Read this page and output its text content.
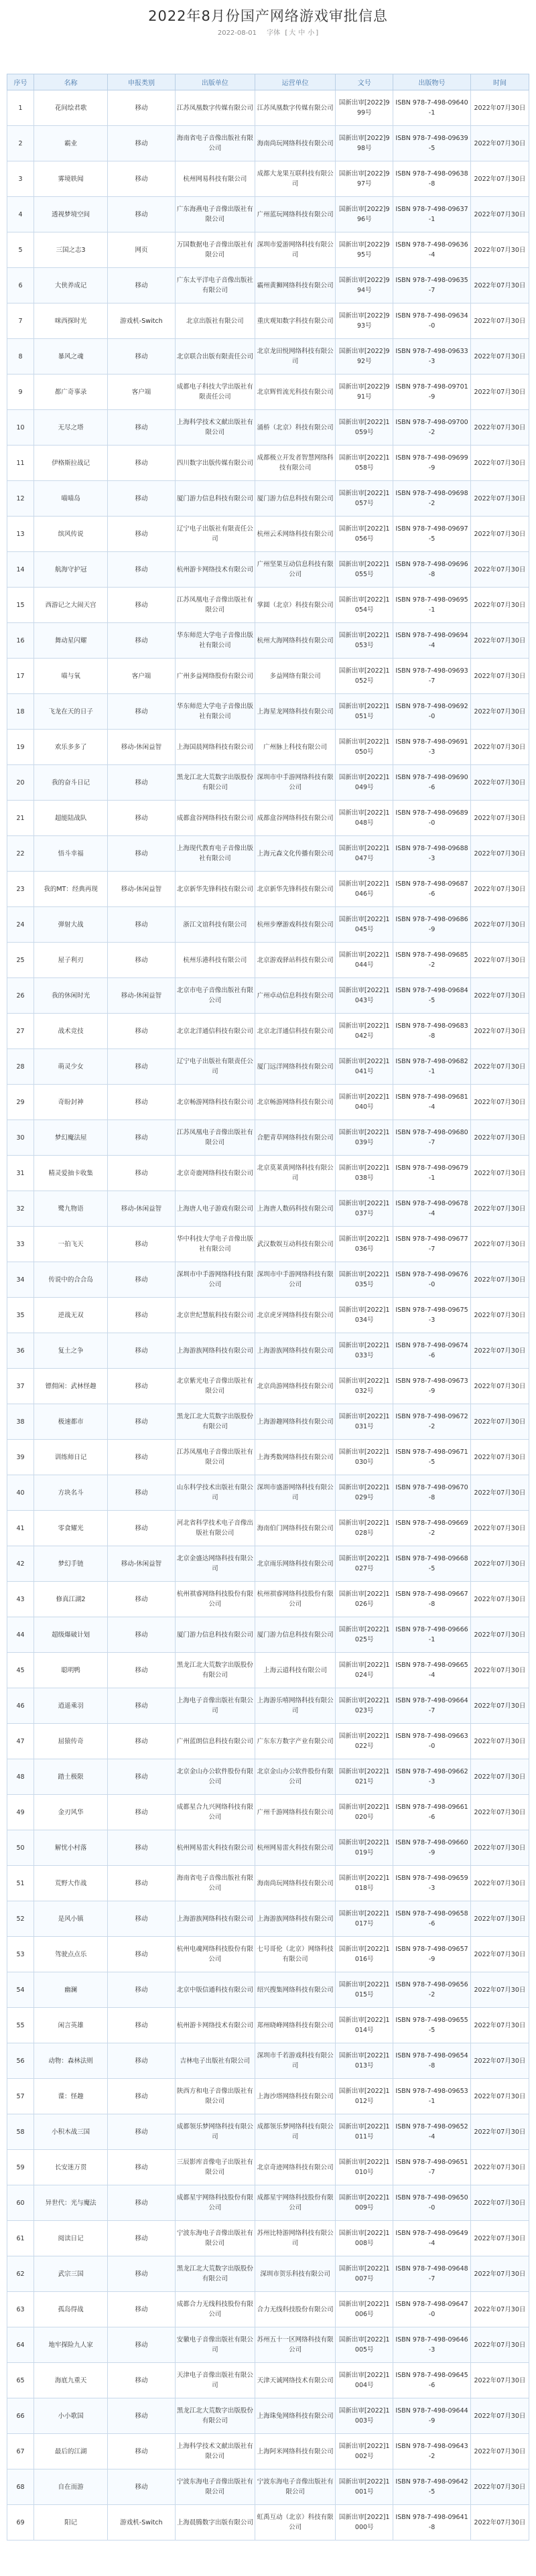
2022年8月份国产网络游戏审批信息
2022-08-01 字体 [ 大 中 小 ]
序号	名称	申报类别	出版单位	运营单位	文号	出版物号	时间
1	花间绘君歌	移动	江苏凤凰数字传媒有限公司	江苏凤凰数字传媒有限公司	国新出审[2022]999号	ISBN 978-7-498-09640-1	2022年07月30日
2	霸业	移动	海南省电子音像出版社有限公司	海南尚玩网络科技有限公司	国新出审[2022]998号	ISBN 978-7-498-09639-5	2022年07月30日
3	雾境轶闻	移动	杭州网易科技有限公司	成都大龙果互联科技有限公司	国新出审[2022]997号	ISBN 978-7-498-09638-8	2022年07月30日
4	透视梦境空间	移动	广东海燕电子音像出版社有限公司	广州蓝玩网络科技有限公司	国新出审[2022]996号	ISBN 978-7-498-09637-1	2022年07月30日
5	三国之志3	网页	万国数据电子音像出版社有限公司	深圳市爱游网络科技有限公司	国新出审[2022]995号	ISBN 978-7-498-09636-4	2022年07月30日
6	大侠养成记	移动	广东太平洋电子音像出版社有限公司	霸州黄狮网络科技有限公司	国新出审[2022]994号	ISBN 978-7-498-09635-7	2022年07月30日
7	咪西探时光	游戏机-Switch	北京出版社有限公司	重庆观知数字科技有限公司	国新出审[2022]993号	ISBN 978-7-498-09634-0	2022年07月30日
8	暴风之魂	移动	北京联合出版有限责任公司	北京龙田悦网络科技有限公司	国新出审[2022]992号	ISBN 978-7-498-09633-3	2022年07月30日
9	都广奇事录	客户端	成都电子科技大学出版社有限责任公司	北京辉哲流光科技有限公司	国新出审[2022]991号	ISBN 978-7-498-09701-9	2022年07月30日
10	无尽之塔	移动	上海科学技术文献出版社有限公司	涌桥（北京）科技有限公司	国新出审[2022]1059号	ISBN 978-7-498-09700-2	2022年07月30日
11	伊格斯拉战记	移动	四川数字出版传媒有限公司	成都极立开发者智慧网络科技有限公司	国新出审[2022]1058号	ISBN 978-7-498-09699-9	2022年07月30日
12	喵喵岛	移动	厦门游力信息科技有限公司	厦门游力信息科技有限公司	国新出审[2022]1057号	ISBN 978-7-498-09698-2	2022年07月30日
13	缤风传说	移动	辽宁电子出版社有限责任公司	杭州云禾网络科技有限公司	国新出审[2022]1056号	ISBN 978-7-498-09697-5	2022年07月30日
14	航海守护冠	移动	杭州游卡网络技术有限公司	广州坚果互动信息科技有限公司	国新出审[2022]1055号	ISBN 978-7-498-09696-8	2022年07月30日
15	西游记之大闹天宫	移动	江苏凤凰电子音像出版社有限公司	掌圆（北京）科技有限公司	国新出审[2022]1054号	ISBN 978-7-498-09695-1	2022年07月30日
16	舞动星闪耀	移动	华东师范大学电子音像出版社有限公司	杭州大海网络科技有限公司	国新出审[2022]1053号	ISBN 978-7-498-09694-4	2022年07月30日
17	喵与氧	客户端	广州多益网络股份有限公司	多益网络有限公司	国新出审[2022]1052号	ISBN 978-7-498-09693-7	2022年07月30日
18	飞龙在天的日子	移动	华东师范大学电子音像出版社有限公司	上海星龙网络科技有限公司	国新出审[2022]1051号	ISBN 978-7-498-09692-0	2022年07月30日
19	欢乐多多了	移动-休闲益智	上海国晨网络科技有限公司	广州脉上科技有限公司	国新出审[2022]1050号	ISBN 978-7-498-09691-3	2022年07月30日
20	我的奋斗日记	移动	黑龙江北大荒数字出版股份有限公司	深圳市中手游网络科技有限公司	国新出审[2022]1049号	ISBN 978-7-498-09690-6	2022年07月30日
21	超能陆战队	移动	成都盒谷网络科技有限公司	成都盒谷网络科技有限公司	国新出审[2022]1048号	ISBN 978-7-498-09689-0	2022年07月30日
22	悟斗幸福	移动	上海现代教育电子音像出版社有限公司	上海元森文化传播有限公司	国新出审[2022]1047号	ISBN 978-7-498-09688-3	2022年07月30日
23	我的MT：经典再现	移动-休闲益智	北京新华先锋科技有限公司	北京新华先锋科技有限公司	国新出审[2022]1046号	ISBN 978-7-498-09687-6	2022年07月30日
24	弹射大战	移动	浙江文谊科技有限公司	杭州步摩游戏科技有限公司	国新出审[2022]1045号	ISBN 978-7-498-09686-9	2022年07月30日
25	屋子利刃	移动	杭州乐港科技有限公司	北京游戏驿站科技有限公司	国新出审[2022]1044号	ISBN 978-7-498-09685-2	2022年07月30日
26	我的休闲时光	移动-休闲益智	北京市电子音像出版社有限公司	广州卓动信息科技有限公司	国新出审[2022]1043号	ISBN 978-7-498-09684-5	2022年07月30日
27	战术竞技	移动	北京北洋通信科技有限公司	北京北洋通信科技有限公司	国新出审[2022]1042号	ISBN 978-7-498-09683-8	2022年07月30日
28	萌灵少女	移动	辽宁电子出版社有限责任公司	厦门远洋网络科技有限公司	国新出审[2022]1041号	ISBN 978-7-498-09682-1	2022年07月30日
29	奇盼封神	移动	北京畅游网络科技有限公司	北京畅游网络科技有限公司	国新出审[2022]1040号	ISBN 978-7-498-09681-4	2022年07月30日
30	梦幻魔法屋	移动	江苏凤凰电子音像出版社有限公司	合肥青草网络科技有限公司	国新出审[2022]1039号	ISBN 978-7-498-09680-7	2022年07月30日
31	精灵爱抽卡收集	移动	北京奇鹿网络科技有限公司	北京莫莱黄网络科技有限公司	国新出审[2022]1038号	ISBN 978-7-498-09679-1	2022年07月30日
32	鹭九物语	移动-休闲益智	上海唐人电子游戏有限公司	上海唐人数码科技有限公司	国新出审[2022]1037号	ISBN 978-7-498-09678-4	2022年07月30日
33	一拍飞天	移动	华中科技大学电子音像出版社有限公司	武汉数娱互动科技有限公司	国新出审[2022]1036号	ISBN 978-7-498-09677-7	2022年07月30日
34	传说中的合合岛	移动	深圳市中手游网络科技有限公司	深圳市中手游网络科技有限公司	国新出审[2022]1035号	ISBN 978-7-498-09676-0	2022年07月30日
35	逆战无双	移动	北京世纪慧航科技有限公司	北京虎牙网络科技有限公司	国新出审[2022]1034号	ISBN 978-7-498-09675-3	2022年07月30日
36	复土之争	移动	上海游族网络科技有限公司	上海游族网络科技有限公司	国新出审[2022]1033号	ISBN 978-7-498-09674-6	2022年07月30日
37	镖佣闲：武林怪趣	移动	北京紫光电子音像出版社有限公司	北京尚游网络科技有限公司	国新出审[2022]1032号	ISBN 978-7-498-09673-9	2022年07月30日
38	极速都市	移动	黑龙江北大荒数字出版股份有限公司	上海游趣网络科技有限公司	国新出审[2022]1031号	ISBN 978-7-498-09672-2	2022年07月30日
39	训练师日记	移动	江苏凤凰电子音像出版社有限公司	上海秀数网络科技有限公司	国新出审[2022]1030号	ISBN 978-7-498-09671-5	2022年07月30日
40	方块名斗	移动	山东科学技术出版社有限公司	深圳市盛游网络科技有限公司	国新出审[2022]1029号	ISBN 978-7-498-09670-8	2022年07月30日
41	零食耀光	移动	河北省科学技术电子音像出版社有限公司	海南伯门网络科技有限公司	国新出审[2022]1028号	ISBN 978-7-498-09669-2	2022年07月30日
42	梦幻手链	移动-休闲益智	北京金盛达网络科技有限公司	北京雨乐网络科技有限公司	国新出审[2022]1027号	ISBN 978-7-498-09668-5	2022年07月30日
43	修真江湖2	移动	杭州祺睿网络科技股份有限公司	杭州祺睿网络科技股份有限公司	国新出审[2022]1026号	ISBN 978-7-498-09667-8	2022年07月30日
44	超级爆破计划	移动	厦门游力信息科技有限公司	厦门游力信息科技有限公司	国新出审[2022]1025号	ISBN 978-7-498-09666-1	2022年07月30日
45	聪明鸭	移动	黑龙江北大荒数字出版股份有限公司	上海云道科技有限公司	国新出审[2022]1024号	ISBN 978-7-498-09665-4	2022年07月30日
46	逍遥乘羽	移动	上海电子音像出版社有限公司	上海游乐嘻网络科技有限公司	国新出审[2022]1023号	ISBN 978-7-498-09664-7	2022年07月30日
47	屈猿传奇	移动	广州蓝朗信息科技有限公司	广东东方数字产业有限公司	国新出审[2022]1022号	ISBN 978-7-498-09663-0	2022年07月30日
48	踏土极限	移动	北京金山办公软件股份有限公司	北京金山办公软件股份有限公司	国新出审[2022]1021号	ISBN 978-7-498-09662-3	2022年07月30日
49	金刃风华	移动	成都星合九兴网络科技有限公司	广州千游网络科技有限公司	国新出审[2022]1020号	ISBN 978-7-498-09661-6	2022年07月30日
50	解忧小村落	移动	杭州网易雷火科技有限公司	杭州网易雷火科技有限公司	国新出审[2022]1019号	ISBN 978-7-498-09660-9	2022年07月30日
51	荒野大作战	移动	海南省电子音像出版社有限公司	海南尚玩网络科技有限公司	国新出审[2022]1018号	ISBN 978-7-498-09659-3	2022年07月30日
52	是风小镇	移动	上海游族网络科技有限公司	上海游族网络科技有限公司	国新出审[2022]1017号	ISBN 978-7-498-09658-6	2022年07月30日
53	驾驶点点乐	移动	杭州电魂网络科技股份有限公司	七号哥伦（北京）网络科技有限公司	国新出审[2022]1016号	ISBN 978-7-498-09657-9	2022年07月30日
54	幽澜	移动	北京中版信通科技有限公司	绍兴搜集网络科技有限公司	国新出审[2022]1015号	ISBN 978-7-498-09656-2	2022年07月30日
55	闲言英雄	移动	杭州游卡网络技术有限公司	郑州晓峰网络科技有限公司	国新出审[2022]1014号	ISBN 978-7-498-09655-5	2022年07月30日
56	动物：森林法则	移动	吉林电子出版社有限公司	深圳市千若游戏科技有限公司	国新出审[2022]1013号	ISBN 978-7-498-09654-8	2022年07月30日
57	谍：怪趣	移动	陕西方和电子音像出版社有限公司	上海沙塔网络科技有限公司	国新出审[2022]1012号	ISBN 978-7-498-09653-1	2022年07月30日
58	小积木战三国	移动	成都领乐梦网络科技有限公司	成都领乐梦网络科技有限公司	国新出审[2022]1011号	ISBN 978-7-498-09652-4	2022年07月30日
59	长安迷万贯	移动	三辰影库音像电子出版社有限公司	北京奇迹网络科技有限公司	国新出审[2022]1010号	ISBN 978-7-498-09651-7	2022年07月30日
60	异世代：光与魔法	移动	成都星宇网络科技股份有限公司	成都星宇网络科技股份有限公司	国新出审[2022]1009号	ISBN 978-7-498-09650-0	2022年07月30日
61	阅读日记	移动	宁波东海电子音像出版社有限公司	苏州比特游网络科技有限公司	国新出审[2022]1008号	ISBN 978-7-498-09649-4	2022年07月30日
62	武宗三国	移动	黑龙江北大荒数字出版股份有限公司	深圳市贺乐科技有限公司	国新出审[2022]1007号	ISBN 978-7-498-09648-7	2022年07月30日
63	孤岛得战	移动	成都合力无线科技股份有限公司	合力无线科技股份有限公司	国新出审[2022]1006号	ISBN 978-7-498-09647-0	2022年07月30日
64	地牢探险九人家	移动	安徽电子音像出版社有限公司	苏州五十一区网络科技有限公司	国新出审[2022]1005号	ISBN 978-7-498-09646-3	2022年07月30日
65	海底九重天	移动	天津电子音像出版社有限公司	天津天诚网络技术有限公司	国新出审[2022]1004号	ISBN 978-7-498-09645-6	2022年07月30日
66	小小歌国	移动	黑龙江北大荒数字出版股份有限公司	上海珠兔网络科技有限公司	国新出审[2022]1003号	ISBN 978-7-498-09644-9	2022年07月30日
67	最后的江湖	移动	上海科学技术文献出版社有限公司	上海阿米网络科技有限公司	国新出审[2022]1002号	ISBN 978-7-498-09643-2	2022年07月30日
68	自在而游	移动	宁波东海电子音像出版社有限公司	宁波东海电子音像出版社有限公司	国新出审[2022]1001号	ISBN 978-7-498-09642-5	2022年07月30日
69	阳记	游戏机-Switch	上海晨腾数字出版有限公司	虹禹互动（北京）科技有限公司	国新出审[2022]1000号	ISBN 978-7-498-09641-8	2022年07月30日
